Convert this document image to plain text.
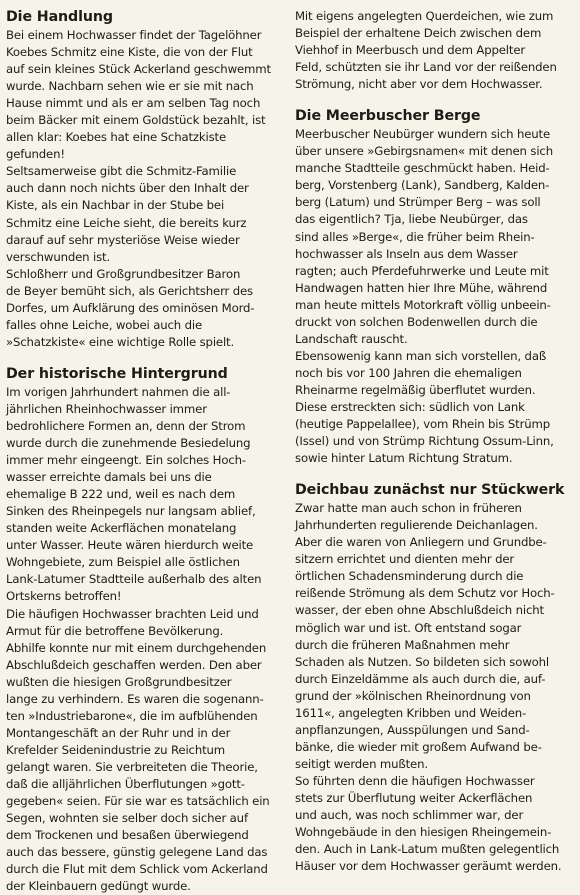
Die Handlung

Bei einem Hochwasser findet der Tagelöhner
Koebes Schmitz eine Kiste, die von der Flut
auf sein kleines Stück Ackerland geschwemmt
wurde. Nachbarn sehen wie er sie mit nach
Hause nimmt und als er am selben Tag noch
beim Bäcker mit einem Goldstück bezahlt, ist
allen klar: Koebes hat eine Schatzkiste
gefunden!

Seltsamerweise gibt die Schmitz-Familie
auch dann noch nichts über den Inhalt der
Kiste, als ein Nachbar in der Stube bei
Schmitz eine Leiche sieht, die bereits kurz
darauf auf sehr mysteriöse Weise wieder
verschwunden ist.

Schloßherr und Großgrundbesitzer Baron
de Beyer bemüht sich, als Gerichtsherr des
Dorfes, um Aufklärung des ominösen Mord-
falles ohne Leiche, wobei auch die
»Schatzkiste« eine wichtige Rolle spielt.

Der historische Hintergrund

Im vorigen Jahrhundert nahmen die all-
jährlichen Rheinhochwasser immer
bedrohlichere Formen an, denn der Strom
wurde durch die zunehmende Besiedelung
immer mehr eingeengt. Ein solches Hoch-
wasser erreichte damals bei uns die
ehemalige B 222 und, weil es nach dem
Sinken des Rheinpegels nur langsam ablief,
standen weite Ackerflächen monatelang
unter Wasser. Heute wären hierdurch weite
Wohngebiete, zum Beispiel alle östlichen
Lank-Latumer Stadtteile außerhalb des alten
Ortskerns betroffen!

Die häufigen Hochwasser brachten Leid und
Armut für die betroffene Bevölkerung.

Abhilfe konnte nur mit einem durchgehenden
Abschlußdeich geschaffen werden. Den aber
wußten die hiesigen Großgrundbesitzer
lange zu verhindern. Es waren die sogenann-
ten »Industriebarone«, die im aufblühenden
Montangeschäft an der Ruhr und in der
Krefelder Seidenindustrie zu Reichtum
gelangt waren. Sie verbreiteten die Theorie,
daß die alljährlichen Überflutungen »gott-
gegeben« seien. Für sie war es tatsächlich ein
Segen, wohnten sie selber doch sicher auf
dem Trockenen und besaßen überwiegend
auch das bessere, günstig gelegene Land das
durch die Flut mit dem Schlick vom Ackerland
der Kleinbauern gedüngt wurde.

Mit eigens angelegten Querdeichen, wie zum
Beispiel der erhaltene Deich zwischen dem
Viehhof in Meerbusch und dem Appelter
Feld, schützten sie ihr Land vor der reißenden
Strömung, nicht aber vor dem Hochwasser.

Die Meerbuscher Berge

Meerbuscher Neubürger wundern sich heute
über unsere »Gebirgsnamen« mit denen sich
manche Stadtteile geschmückt haben. Heid-
berg, Vorstenberg (Lank), Sandberg, Kalden-
berg (Latum) und Strümper Berg – was soll
das eigentlich? Tja, liebe Neubürger, das
sind alles »Berge«, die früher beim Rhein-
hochwasser als Inseln aus dem Wasser
ragten; auch Pferdefuhrwerke und Leute mit
Handwagen hatten hier Ihre Mühe, während
man heute mittels Motorkraft völlig unbeein-
druckt von solchen Bodenwellen durch die
Landschaft rauscht.

Ebensowenig kann man sich vorstellen, daß
noch bis vor 100 Jahren die ehemaligen
Rheinarme regelmäßig überflutet wurden.
Diese erstreckten sich: südlich von Lank
(heutige Pappelallee), vom Rhein bis Strümp
(Issel) und von Strümp Richtung Ossum-Linn,
sowie hinter Latum Richtung Stratum.

Deichbau zunächst nur Stückwerk

Zwar hatte man auch schon in früheren
Jahrhunderten regulierende Deichanlagen.
Aber die waren von Anliegern und Grundbe-
sitzern errichtet und dienten mehr der
örtlichen Schadensminderung durch die
reißende Strömung als dem Schutz vor Hoch-
wasser, der eben ohne Abschlußdeich nicht
möglich war und ist. Oft entstand sogar
durch die früheren Maßnahmen mehr
Schaden als Nutzen. So bildeten sich sowohl
durch Einzeldämme als auch durch die, auf-
grund der »kölnischen Rheinordnung von
1611«, angelegten Kribben und Weiden-
anpflanzungen, Ausspülungen und Sand-
bänke, die wieder mit großem Aufwand be-
seitigt werden mußten.

So führten denn die häufigen Hochwasser
stets zur Überflutung weiter Ackerflächen
und auch, was noch schlimmer war, der
Wohngebäude in den hiesigen Rheingemein-
den. Auch in Lank-Latum mußten gelegentlich
Häuser vor dem Hochwasser geräumt werden.
